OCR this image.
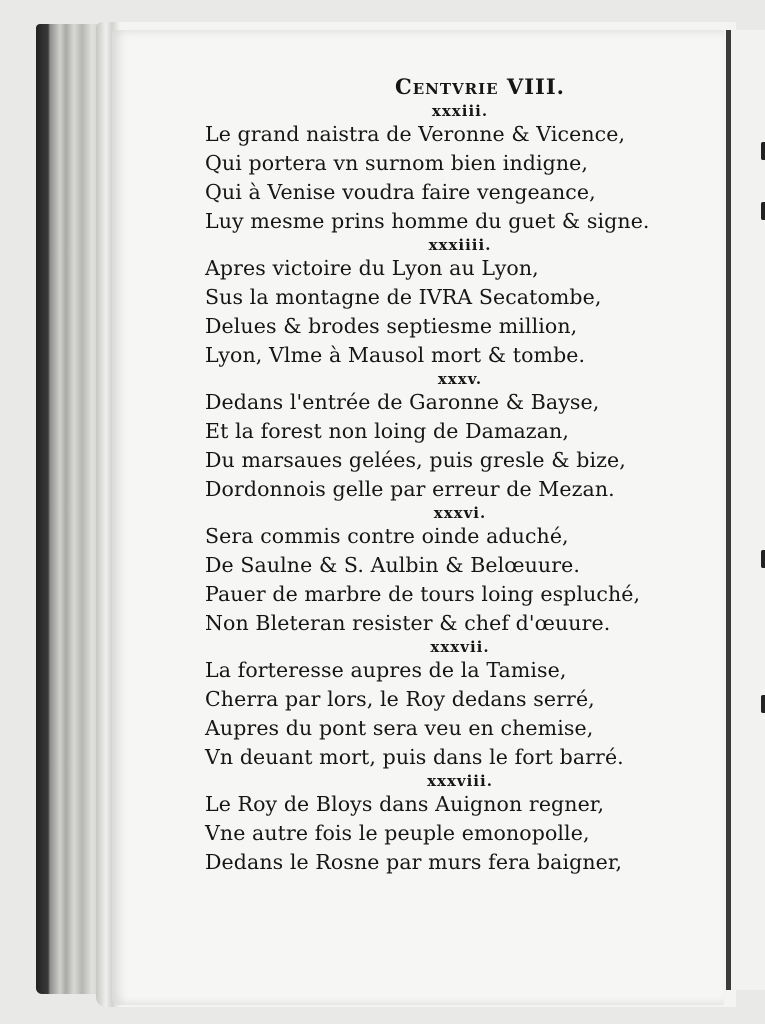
Centvrie VIII.
xxxiii.
Le grand naistra de Veronne & Vicence,
Qui portera vn surnom bien indigne,
Qui à Venise voudra faire vengeance,
Luy mesme prins homme du guet & signe.
xxxiiii.
Apres victoire du Lyon au Lyon,
Sus la montagne de IVRA Secatombe,
Delues & brodes septiesme million,
Lyon, Vlme à Mausol mort & tombe.
xxxv.
Dedans l'entrée de Garonne & Bayse,
Et la forest non loing de Damazan,
Du marsaues gelées, puis gresle & bize,
Dordonnois gelle par erreur de Mezan.
xxxvi.
Sera commis contre oinde aduché,
De Saulne & S. Aulbin & Belœuure.
Pauer de marbre de tours loing espluché,
Non Bleteran resister & chef d'œuure.
xxxvii.
La forteresse aupres de la Tamise,
Cherra par lors, le Roy dedans serré,
Aupres du pont sera veu en chemise,
Vn deuant mort, puis dans le fort barré.
xxxviii.
Le Roy de Bloys dans Auignon regner,
Vne autre fois le peuple emonopolle,
Dedans le Rosne par murs fera baigner,
